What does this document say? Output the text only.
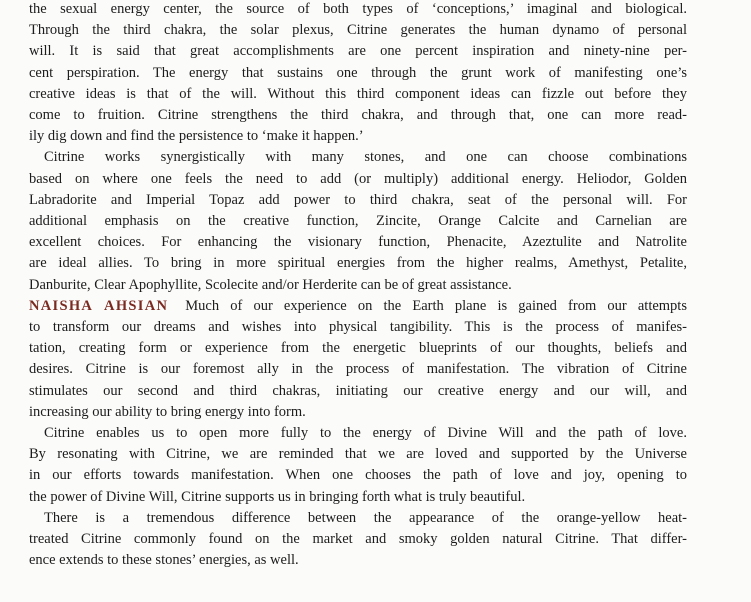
the sexual energy center, the source of both types of ‘conceptions,’ imaginal and biological.
Through the third chakra, the solar plexus, Citrine generates the human dynamo of personal
will. It is said that great accomplishments are one percent inspiration and ninety-nine per-
cent perspiration. The energy that sustains one through the grunt work of manifesting one’s
creative ideas is that of the will. Without this third component ideas can fizzle out before they
come to fruition. Citrine strengthens the third chakra, and through that, one can more read-
ily dig down and find the persistence to ‘make it happen.’
Citrine works synergistically with many stones, and one can choose combinations
based on where one feels the need to add (or multiply) additional energy. Heliodor, Golden
Labradorite and Imperial Topaz add power to third chakra, seat of the personal will. For
additional emphasis on the creative function, Zincite, Orange Calcite and Carnelian are
excellent choices. For enhancing the visionary function, Phenacite, Azeztulite and Natrolite
are ideal allies. To bring in more spiritual energies from the higher realms, Amethyst, Petalite,
Danburite, Clear Apophyllite, Scolecite and/or Herderite can be of great assistance.
NAISHA AHSIAN Much of our experience on the Earth plane is gained from our attempts
to transform our dreams and wishes into physical tangibility. This is the process of manifes-
tation, creating form or experience from the energetic blueprints of our thoughts, beliefs and
desires. Citrine is our foremost ally in the process of manifestation. The vibration of Citrine
stimulates our second and third chakras, initiating our creative energy and our will, and
increasing our ability to bring energy into form.
Citrine enables us to open more fully to the energy of Divine Will and the path of love.
By resonating with Citrine, we are reminded that we are loved and supported by the Universe
in our efforts towards manifestation. When one chooses the path of love and joy, opening to
the power of Divine Will, Citrine supports us in bringing forth what is truly beautiful.
There is a tremendous difference between the appearance of the orange-yellow heat-
treated Citrine commonly found on the market and smoky golden natural Citrine. That differ-
ence extends to these stones’ energies, as well.
